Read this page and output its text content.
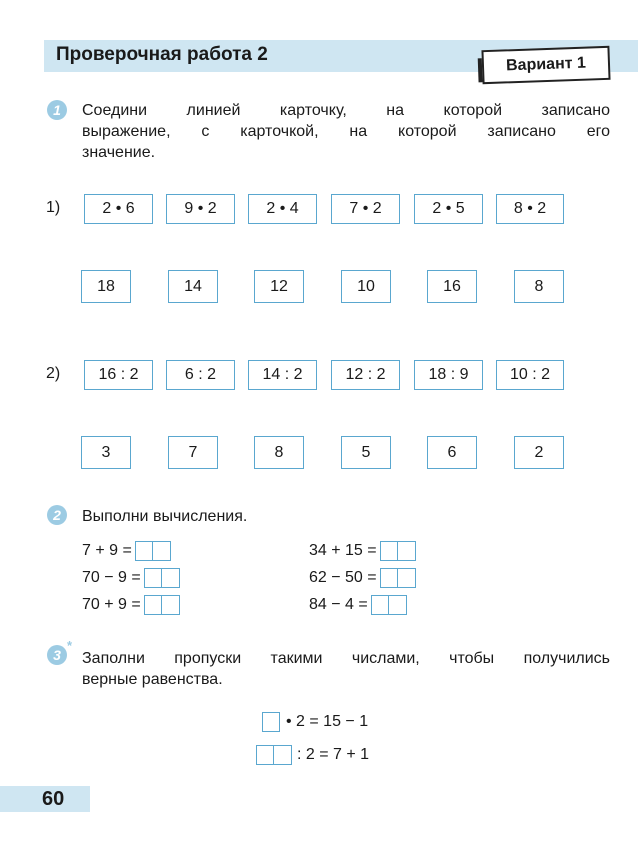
Проверочная работа 2	Вариант 1
1	Соедини линией карточку, на которой записано
выражение, с карточкой, на которой записано его
значение.
1)	2 • 6	9 • 2	2 • 4	7 • 2	2 • 5	8 • 2
18	14	12	10	16	8
2)	16 : 2	6 : 2	14 : 2	12 : 2	18 : 9	10 : 2
3	7	8	5	6	2
2	Выполни вычисления.
7 + 9 =
70 − 9 =
70 + 9 =
34 + 15 =
62 − 50 =
84 − 4 =
3
*
Заполни пропуски такими числами, чтобы получились
верные равенства.
• 2 = 15 − 1
: 2 = 7 + 1
60
